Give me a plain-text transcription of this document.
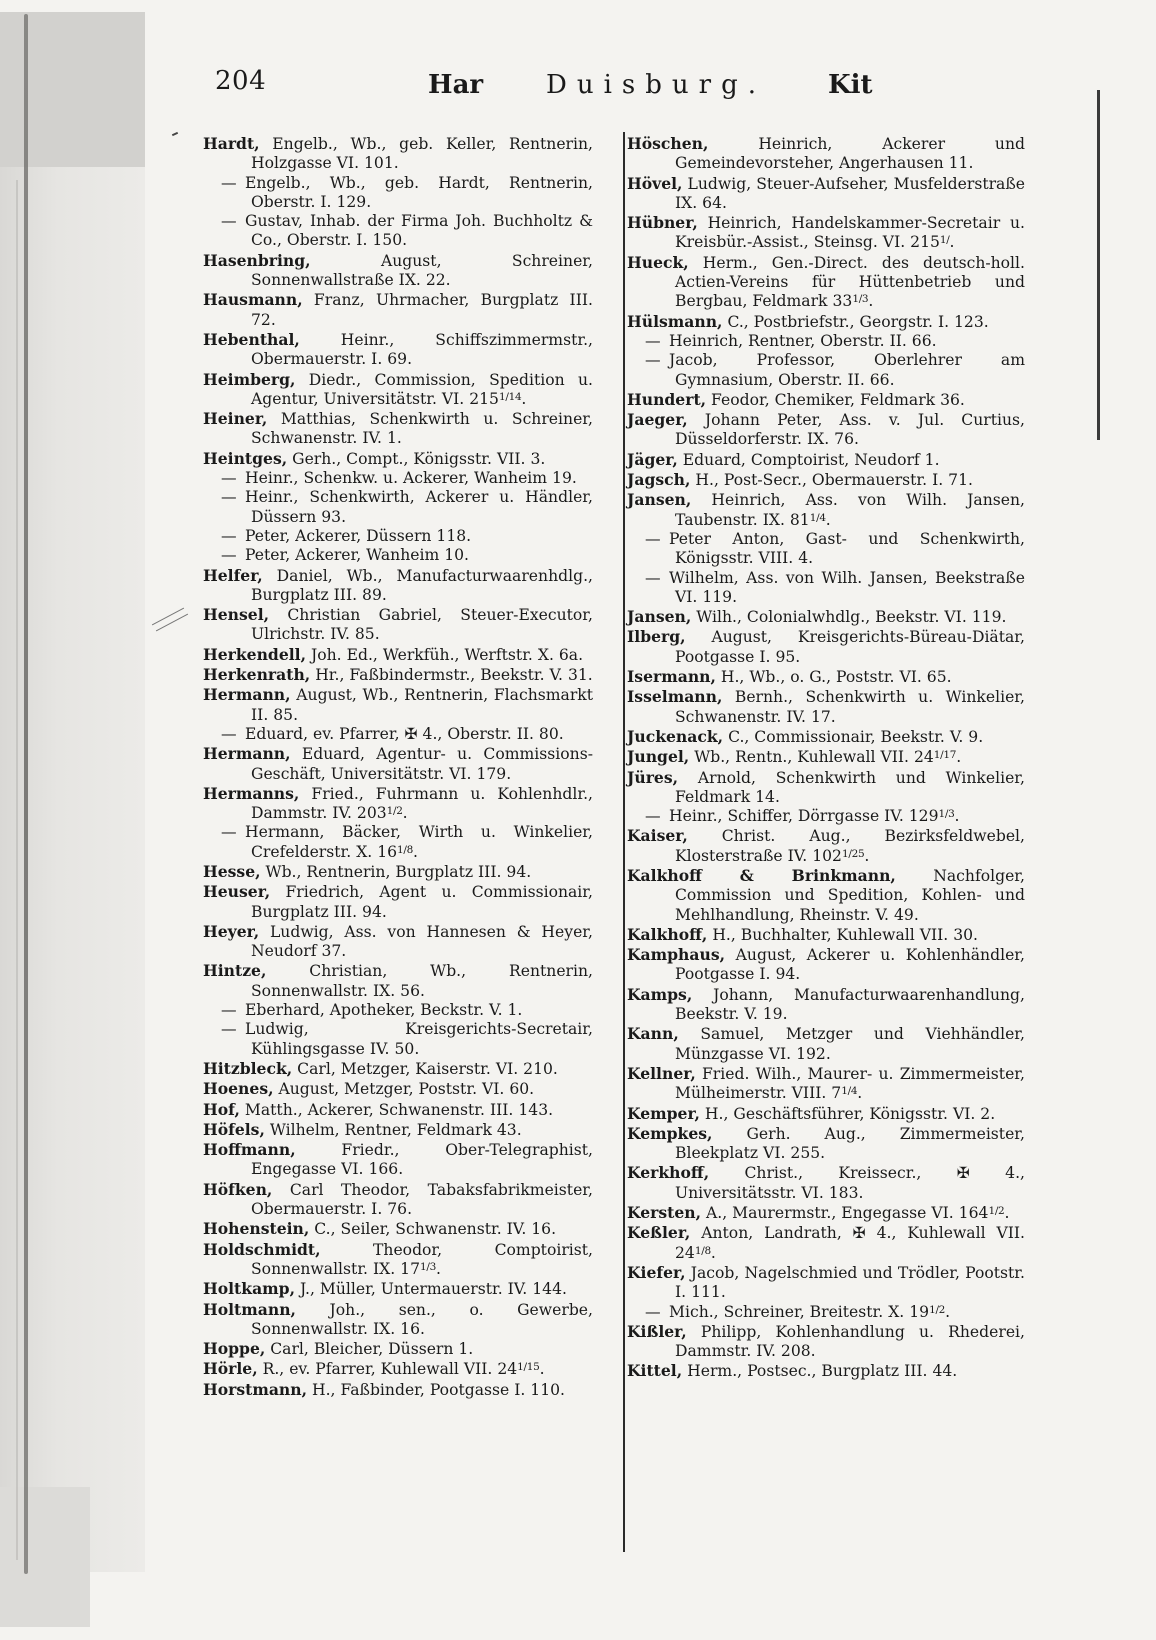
204	Har Duisburg. Kit

Hardt, Engelb., Wb., geb. Keller, Rentnerin, Holzgasse VI. 101.

— Engelb., Wb., geb. Hardt, Rentnerin, Oberstr. I. 129.

— Gustav, Inhab. der Firma Joh. Buchholtz & Co., Oberstr. I. 150.

Hasenbring, August, Schreiner, Sonnenwallstraße IX. 22.

Hausmann, Franz, Uhrmacher, Burgplatz III. 72.

Hebenthal, Heinr., Schiffszimmermstr., Obermauerstr. I. 69.

Heimberg, Diedr., Commission, Spedition u. Agentur, Universitätstr. VI. $215^{1/14}$.

Heiner, Matthias, Schenkwirth u. Schreiner, Schwanenstr. IV. 1.

Heintges, Gerh., Compt., Königsstr. VII. 3.

— Heinr., Schenkw. u. Ackerer, Wanheim 19.

— Heinr., Schenkwirth, Ackerer u. Händler, Düssern 93.

— Peter, Ackerer, Düssern 118.

— Peter, Ackerer, Wanheim 10.

Helfer, Daniel, Wb., Manufacturwaarenhdlg., Burgplatz III. 89.

Hensel, Christian Gabriel, Steuer-Executor, Ulrichstr. IV. 85.

Herkendell, Joh. Ed., Werkfüh., Werftstr. X. 6a.

Herkenrath, Hr., Faßbindermstr., Beekstr. V. 31.

Hermann, August, Wb., Rentnerin, Flachsmarkt II. 85.

— Eduard, ev. Pfarrer, ✠ 4., Oberstr. II. 80.

Hermann, Eduard, Agentur- u. Commissions-Geschäft, Universitätstr. VI. 179.

Hermanns, Fried., Fuhrmann u. Kohlenhdlr., Dammstr. IV. $203^{1/2}$.

— Hermann, Bäcker, Wirth u. Winkelier, Crefelderstr. X. $16^{1/8}$.

Hesse, Wb., Rentnerin, Burgplatz III. 94.

Heuser, Friedrich, Agent u. Commissionair, Burgplatz III. 94.

Heyer, Ludwig, Ass. von Hannesen & Heyer, Neudorf 37.

Hintze, Christian, Wb., Rentnerin, Sonnenwallstr. IX. 56.

— Eberhard, Apotheker, Beckstr. V. 1.

— Ludwig, Kreisgerichts-Secretair, Kühlingsgasse IV. 50.

Hitzbleck, Carl, Metzger, Kaiserstr. VI. 210.

Hoenes, August, Metzger, Poststr. VI. 60.

Hof, Matth., Ackerer, Schwanenstr. III. 143.

Höfels, Wilhelm, Rentner, Feldmark 43.

Hoffmann, Friedr., Ober-Telegraphist, Engegasse VI. 166.

Höfken, Carl Theodor, Tabaksfabrikmeister, Obermauerstr. I. 76.

Hohenstein, C., Seiler, Schwanenstr. IV. 16.

Holdschmidt, Theodor, Comptoirist, Sonnenwallstr. IX. $17^{1/3}$.

Holtkamp, J., Müller, Untermauerstr. IV. 144.

Holtmann, Joh., sen., o. Gewerbe, Sonnenwallstr. IX. 16.

Hoppe, Carl, Bleicher, Düssern 1.

Hörle, R., ev. Pfarrer, Kuhlewall VII. $24^{1/15}$.

Horstmann, H., Faßbinder, Pootgasse I. 110.

Höschen, Heinrich, Ackerer und Gemeindevorsteher, Angerhausen 11.

Hövel, Ludwig, Steuer-Aufseher, Musfelderstraße IX. 64.

Hübner, Heinrich, Handelskammer-Secretair u. Kreisbür.-Assist., Steinsg. VI. $215^{1/}$.

Hueck, Herm., Gen.-Direct. des deutsch-holl. Actien-Vereins für Hüttenbetrieb und Bergbau, Feldmark $33^{1/3}$.

Hülsmann, C., Postbriefstr., Georgstr. I. 123.

— Heinrich, Rentner, Oberstr. II. 66.

— Jacob, Professor, Oberlehrer am Gymnasium, Oberstr. II. 66.

Hundert, Feodor, Chemiker, Feldmark 36.

Jaeger, Johann Peter, Ass. v. Jul. Curtius, Düsseldorferstr. IX. 76.

Jäger, Eduard, Comptoirist, Neudorf 1.

Jagsch, H., Post-Secr., Obermauerstr. I. 71.

Jansen, Heinrich, Ass. von Wilh. Jansen, Taubenstr. IX. $81^{1/4}$.

— Peter Anton, Gast- und Schenkwirth, Königsstr. VIII. 4.

— Wilhelm, Ass. von Wilh. Jansen, Beekstraße VI. 119.

Jansen, Wilh., Colonialwhdlg., Beekstr. VI. 119.

Ilberg, August, Kreisgerichts-Büreau-Diätar, Pootgasse I. 95.

Isermann, H., Wb., o. G., Poststr. VI. 65.

Isselmann, Bernh., Schenkwirth u. Winkelier, Schwanenstr. IV. 17.

Juckenack, C., Commissionair, Beekstr. V. 9.

Jungel, Wb., Rentn., Kuhlewall VII. $24^{1/17}$.

Jüres, Arnold, Schenkwirth und Winkelier, Feldmark 14.

— Heinr., Schiffer, Dörrgasse IV. $129^{1/3}$.

Kaiser, Christ. Aug., Bezirksfeldwebel, Klosterstraße IV. $102^{1/25}$.

Kalkhoff & Brinkmann, Nachfolger, Commission und Spedition, Kohlen- und Mehlhandlung, Rheinstr. V. 49.

Kalkhoff, H., Buchhalter, Kuhlewall VII. 30.

Kamphaus, August, Ackerer u. Kohlenhändler, Pootgasse I. 94.

Kamps, Johann, Manufacturwaarenhandlung, Beekstr. V. 19.

Kann, Samuel, Metzger und Viehhändler, Münzgasse VI. 192.

Kellner, Fried. Wilh., Maurer- u. Zimmermeister, Mülheimerstr. VIII. $7^{1/4}$.

Kemper, H., Geschäftsführer, Königsstr. VI. 2.

Kempkes, Gerh. Aug., Zimmermeister, Bleekplatz VI. 255.

Kerkhoff, Christ., Kreissecr., ✠ 4., Universitätsstr. VI. 183.

Kersten, A., Maurermstr., Engegasse VI. $164^{1/2}$.

Keßler, Anton, Landrath, ✠ 4., Kuhlewall VII. $24^{1/8}$.

Kiefer, Jacob, Nagelschmied und Trödler, Pootstr. I. 111.

— Mich., Schreiner, Breitestr. X. $19^{1/2}$.

Kißler, Philipp, Kohlenhandlung u. Rhederei, Dammstr. IV. 208.

Kittel, Herm., Postsec., Burgplatz III. 44.
